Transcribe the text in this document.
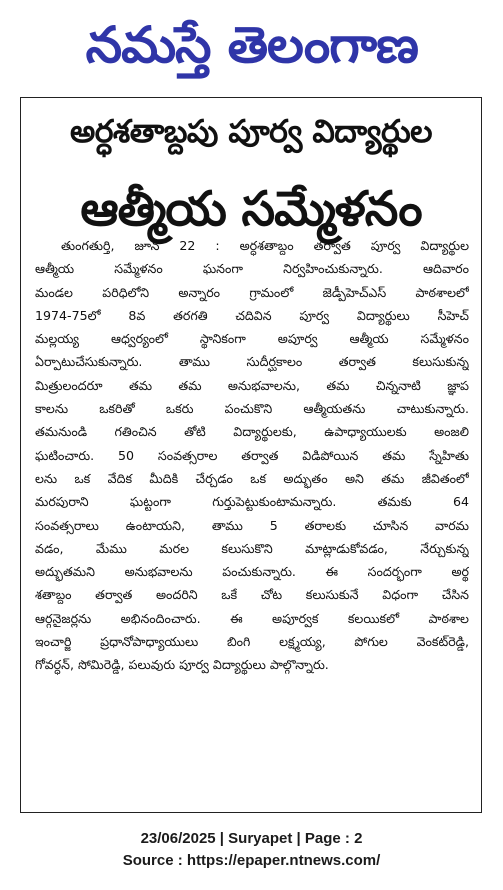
నమస్తే తెలంగాణ
అర్ధశతాబ్దపు పూర్వ విద్యార్థుల
ఆత్మీయ సమ్మేళనం
తుంగతుర్తి, జూన్ 22 : అర్ధశతాబ్దం తర్వాత పూర్వ విద్యార్థుల
ఆత్మీయ సమ్మేళనం ఘనంగా నిర్వహించుకున్నారు. ఆదివారం
మండల పరిధిలోని అన్నారం గ్రామంలో జెడ్పీహెచ్ఎస్ పాఠశాలలో
1974-75లో 8వ తరగతి చదివిన పూర్వ విద్యార్థులు సీహెచ్
మల్లయ్య ఆధ్వర్యంలో స్థానికంగా అపూర్వ ఆత్మీయ సమ్మేళనం
ఏర్పాటుచేసుకున్నారు. తాము సుదీర్ఘకాలం తర్వాత కలుసుకున్న
మిత్రులందరూ తమ తమ అనుభవాలను, తమ చిన్ననాటి జ్ఞాప
కాలను ఒకరితో ఒకరు పంచుకొని ఆత్మీయతను చాటుకున్నారు.
తమనుండి గతించిన తోటి విద్యార్థులకు, ఉపాధ్యాయులకు అంజలి
ఘటించారు. 50 సంవత్సరాల తర్వాత విడిపోయిన తమ స్నేహితు
లను ఒక వేదిక మీదికి చేర్చడం ఒక అద్భుతం అని తమ జీవితంలో
మరపురాని ఘట్టంగా గుర్తుపెట్టుకుంటామన్నారు. తమకు 64
సంవత్సరాలు ఉంటాయని, తాము 5 తరాలకు చూసిన వారమ
వడం, మేము మరల కలుసుకొని మాట్లాడుకోవడం, నేర్చుకున్న
అద్భుతమని అనుభవాలను పంచుకున్నారు. ఈ సందర్భంగా అర్థ
శతాబ్దం తర్వాత అందరిని ఒకే చోట కలుసుకునే విధంగా చేసిన
ఆర్గనైజర్లను అభినందించారు. ఈ అపూర్వక కలయికలో పాఠశాల
ఇంచార్జి ప్రధానోపాధ్యాయులు బింగి లక్ష్మయ్య, పోగుల వెంకట్‌రెడ్డి,
గోవర్ధన్, సోమిరెడ్డి, పలువురు పూర్వ విద్యార్థులు పాల్గొన్నారు.
23/06/2025 | Suryapet | Page : 2
Source : https://epaper.ntnews.com/
